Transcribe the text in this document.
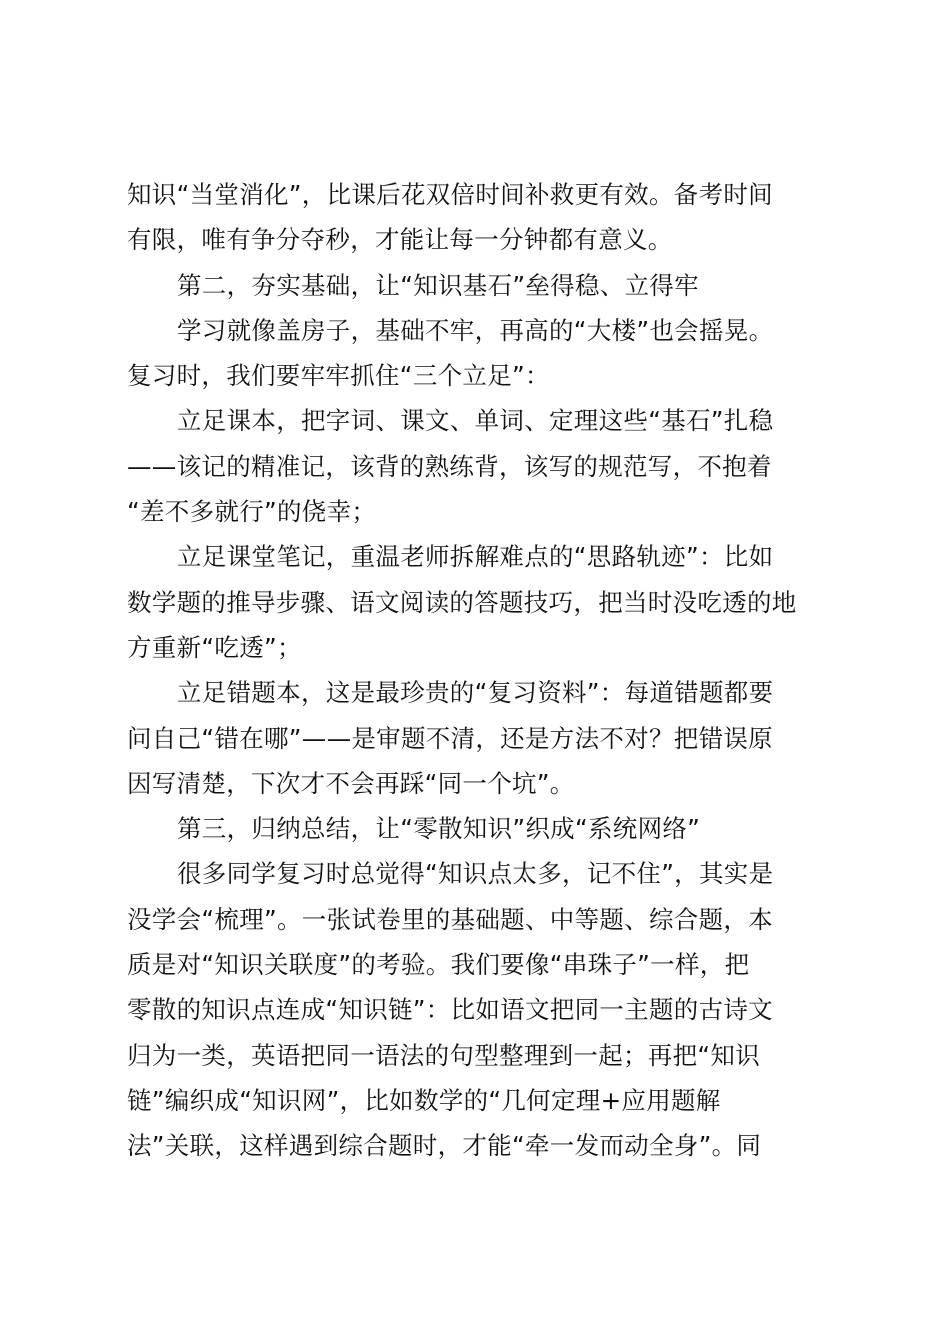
知识“当堂消化”，比课后花双倍时间补救更有效。备考时间
有限，唯有争分夺秒，才能让每一分钟都有意义。
第二，夯实基础，让“知识基石”垒得稳、立得牢
学习就像盖房子，基础不牢，再高的“大楼”也会摇晃。
复习时，我们要牢牢抓住“三个立足”：
立足课本，把字词、课文、单词、定理这些“基石”扎稳
——该记的精准记，该背的熟练背，该写的规范写，不抱着
“差不多就行”的侥幸；
立足课堂笔记，重温老师拆解难点的“思路轨迹”：比如
数学题的推导步骤、语文阅读的答题技巧，把当时没吃透的地
方重新“吃透”；
立足错题本，这是最珍贵的“复习资料”：每道错题都要
问自己“错在哪”——是审题不清，还是方法不对？把错误原
因写清楚，下次才不会再踩“同一个坑”。
第三，归纳总结，让“零散知识”织成“系统网络”
很多同学复习时总觉得“知识点太多，记不住”，其实是
没学会“梳理”。一张试卷里的基础题、中等题、综合题，本
质是对“知识关联度”的考验。我们要像“串珠子”一样，把
零散的知识点连成“知识链”：比如语文把同一主题的古诗文
归为一类，英语把同一语法的句型整理到一起；再把“知识
链”编织成“知识网”，比如数学的“几何定理+应用题解
法”关联，这样遇到综合题时，才能“牵一发而动全身”。同
